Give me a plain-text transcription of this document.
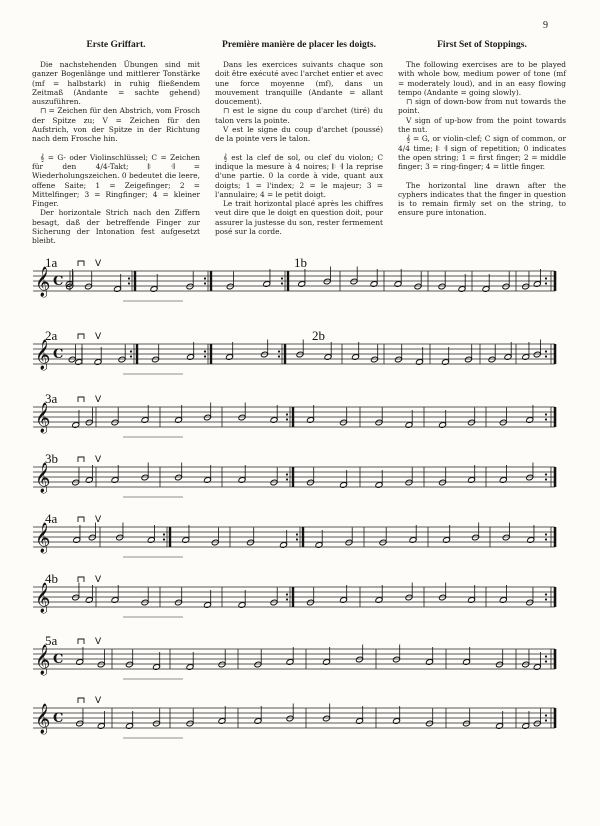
9
Erste Griffart.

Die nachstehenden Übungen sind mit ganzer Bogenlänge und mittlerer Tonstärke (mf = halbstark) in ruhig fließendem Zeitmaß (Andante = sachte gehend) auszuführen.

⊓ = Zeichen für den Abstrich, vom Frosch der Spitze zu; V = Zeichen für den Aufstrich, von der Spitze in der Richtung nach dem Frosche hin.

𝄞 = G- oder Violinschlüssel; C = Zeichen für den 4/4-Takt; 𝄆 𝄇 = Wiederholungszeichen. 0 bedeutet die leere, offene Saite; 1 = Zeigefinger; 2 = Mittelfinger; 3 = Ringfinger; 4 = kleiner Finger.

Der horizontale Strich nach den Ziffern besagt, daß der betreffende Finger zur Sicherung der Intonation fest aufgesetzt bleibt.

Première manière de placer les doigts.

Dans les exercices suivants chaque son doit être exécuté avec l'archet entier et avec une force moyenne (mf), dans un mouvement tranquille (Andante = allant doucement).

⊓ est le signe du coup d'archet (tiré) du talon vers la pointe.

V est le signe du coup d'archet (poussé) de la pointe vers le talon.

𝄞 est la clef de sol, ou clef du violon; C indique la mesure à 4 noires; 𝄆 𝄇 la reprise d'une partie. 0 la corde à vide, quant aux doigts; 1 = l'index; 2 = le majeur; 3 = l'annulaire; 4 = le petit doigt.

Le trait horizontal placé après les chiffres veut dire que le doigt en question doit, pour assurer la justesse du son, rester fermement posé sur la corde.

First Set of Stoppings.

The following exercises are to be played with whole bow, medium power of tone (mf = moderately loud), and in an easy flowing tempo (Andante = going slowly).

⊓ sign of down-bow from nut towards the point.

V sign of up-bow from the point towards the nut.

𝄞 = G, or violin-clef; C sign of common, or 4/4 time; 𝄆 𝄇 sign of repetition; 0 indicates the open string; 1 = first finger; 2 = middle finger; 3 = ring-finger; 4 = little finger.

The horizontal line drawn after the cyphers indicates that the finger in question is to remain firmly set on the string, to ensure pure intonation.

𝄞 C
1a	1b
V
𝄞 C
2a	2b
V
𝄞
3a	V
𝄞
3b	V
𝄞
4a	V
𝄞
4b	V
𝄞 C
5a	V
𝄞 C
V
